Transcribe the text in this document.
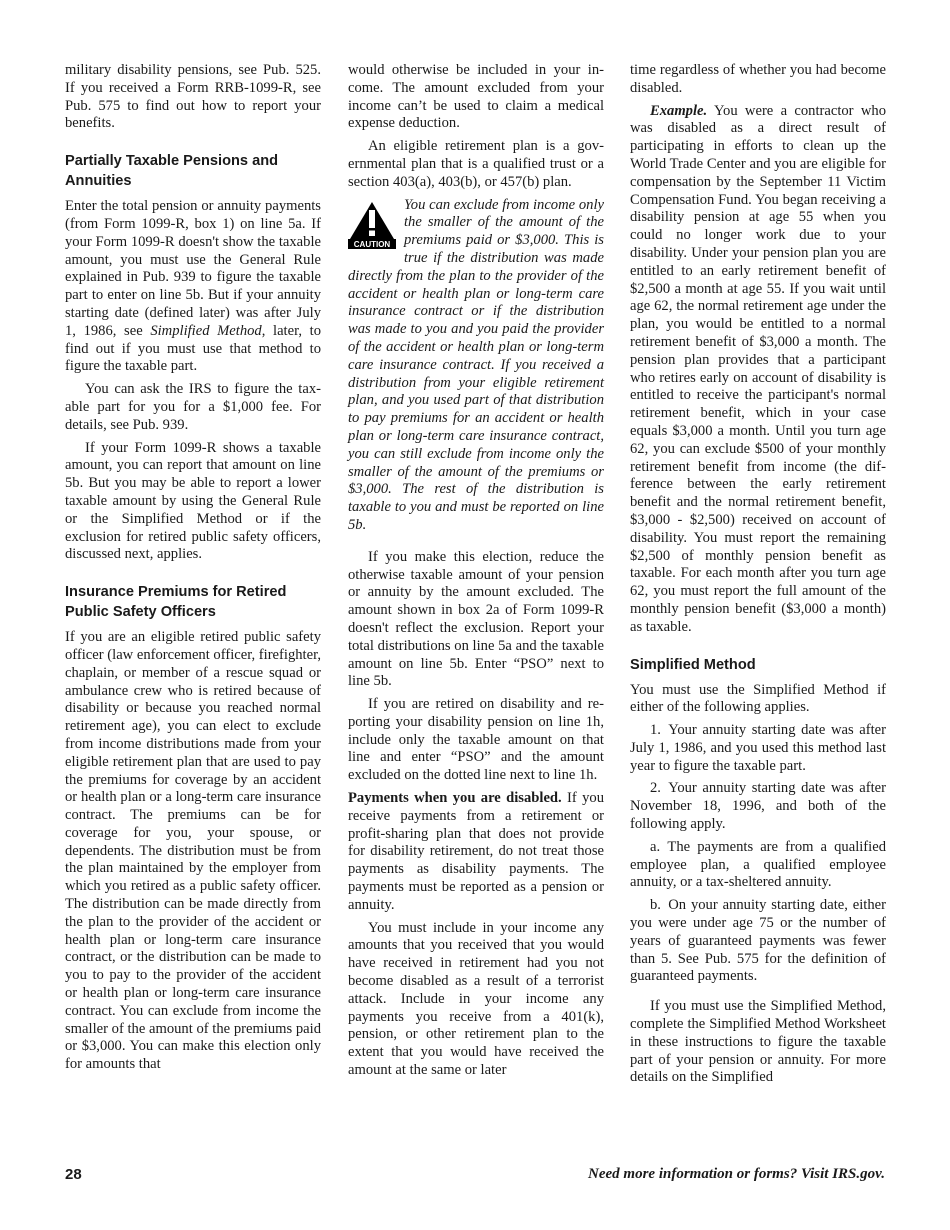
military disability pensions, see Pub. 525. If you received a Form RRB-1099-R, see Pub. 575 to find out how to report your benefits.

Partially Taxable Pensions and Annuities

Enter the total pension or annuity payments (from Form 1099-R, box 1) on line 5a. If your Form 1099-R doesn't show the taxable amount, you must use the General Rule explained in Pub. 939 to figure the taxable part to enter on line 5b. But if your annuity starting date (defined later) was after July 1, 1986, see Simplified Method, later, to find out if you must use that method to figure the taxable part.

You can ask the IRS to figure the taxable part for you for a $1,000 fee. For details, see Pub. 939.

If your Form 1099-R shows a taxable amount, you can report that amount on line 5b. But you may be able to report a lower taxable amount by using the General Rule or the Simplified Method or if the exclusion for retired public safety officers, discussed next, applies.

Insurance Premiums for Retired Public Safety Officers

If you are an eligible retired public safety officer (law enforcement officer, firefighter, chaplain, or member of a rescue squad or ambulance crew who is retired because of disability or because you reached normal retirement age), you can elect to exclude from income distributions made from your eligible retirement plan that are used to pay the premiums for coverage by an accident or health plan or a long-term care insurance contract. The premiums can be for coverage for you, your spouse, or dependents. The distribution must be from the plan maintained by the employer from which you retired as a public safety officer. The distribution can be made directly from the plan to the provider of the accident or health plan or long-term care insurance contract, or the distribution can be made to you to pay to the provider of the accident or health plan or long-term care insurance contract. You can exclude from income the smaller of the amount of the premiums paid or $3,000. You can make this election only for amounts that

would otherwise be included in your income. The amount excluded from your income can’t be used to claim a medical expense deduction.

An eligible retirement plan is a governmental plan that is a qualified trust or a section 403(a), 403(b), or 457(b) plan.

CAUTION
You can exclude from income only the smaller of the amount of the premiums paid or $3,000. This is true if the distribution was made directly from the plan to the provider of the accident or health plan or long-term care insurance contract or if the distribution was made to you and you paid the provider of the accident or health plan or long-term care insurance contract. If you received a distribution from your eligible retirement plan, and you used part of that distribution to pay premiums for an accident or health plan or long-term care insurance contract, you can still exclude from income only the smaller of the amount of the premiums or $3,000. The rest of the distribution is taxable to you and must be reported on line 5b.

If you make this election, reduce the otherwise taxable amount of your pension or annuity by the amount excluded. The amount shown in box 2a of Form 1099-R doesn't reflect the exclusion. Report your total distributions on line 5a and the taxable amount on line 5b. Enter “PSO” next to line 5b.

If you are retired on disability and reporting your disability pension on line 1h, include only the taxable amount on that line and enter “PSO” and the amount excluded on the dotted line next to line 1h.

Payments when you are disabled. If you receive payments from a retirement or profit-sharing plan that does not provide for disability retirement, do not treat those payments as disability payments. The payments must be reported as a pension or annuity.

You must include in your income any amounts that you received that you would have received in retirement had you not become disabled as a result of a terrorist attack. Include in your income any payments you receive from a 401(k), pension, or other retirement plan to the extent that you would have received the amount at the same or later

time regardless of whether you had become disabled.

Example. You were a contractor who was disabled as a direct result of participating in efforts to clean up the World Trade Center and you are eligible for compensation by the September 11 Victim Compensation Fund. You began receiving a disability pension at age 55 when you could no longer work due to your disability. Under your pension plan you are entitled to an early retirement benefit of $2,500 a month at age 55. If you wait until age 62, the normal retirement age under the plan, you would be entitled to a normal retirement benefit of $3,000 a month. The pension plan provides that a participant who retires early on account of disability is entitled to receive the participant's normal retirement benefit, which in your case equals $3,000 a month. Until you turn age 62, you can exclude $500 of your monthly retirement benefit from income (the difference between the early retirement benefit and the normal retirement benefit, $3,000 - $2,500) received on account of disability. You must report the remaining $2,500 of monthly pension benefit as taxable. For each month after you turn age 62, you must report the full amount of the monthly pension benefit ($3,000 a month) as taxable.

Simplified Method

You must use the Simplified Method if either of the following applies.

1. Your annuity starting date was after July 1, 1986, and you used this method last year to figure the taxable part.

2. Your annuity starting date was after November 18, 1996, and both of the following apply.

a. The payments are from a qualified employee plan, a qualified employee annuity, or a tax-sheltered annuity.

b. On your annuity starting date, either you were under age 75 or the number of years of guaranteed payments was fewer than 5. See Pub. 575 for the definition of guaranteed payments.

If you must use the Simplified Method, complete the Simplified Method Worksheet in these instructions to figure the taxable part of your pension or annuity. For more details on the Simplified

28	Need more information or forms? Visit IRS.gov.
